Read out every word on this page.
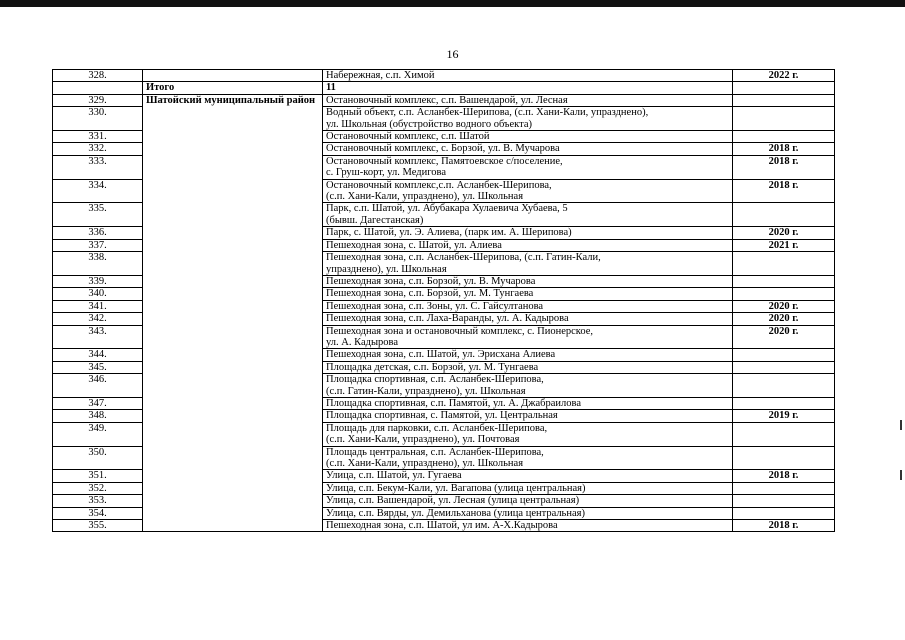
16
328.		Набережная, с.п. Химой	2022 г.
	Итого	11	

329.	Шатойский муниципальный район	Остановочный комплекс, с.п. Вашендарой, ул. Лесная	

330.		Водный объект, с.п. Асланбек-Шерипова, (с.п. Хани-Кали, упразднено),
ул. Школьная (обустройство водного объекта)	

331.		Остановочный комплекс, с.п. Шатой	

332.		Остановочный комплекс, с. Борзой, ул. В. Мучарова	2018 г.
333.		Остановочный комплекс, Памятоевское с/поселение,
с. Груш-корт, ул. Медигова	2018 г.
334.		Остановочный комплекс,с.п. Асланбек-Шерипова,
(с.п. Хани-Кали, упразднено), ул. Школьная	2018 г.
335.		Парк, с.п. Шатой, ул. Абубакара Хулаевича Хубаева, 5
(бывш. Дагестанская)	

336.		Парк, с. Шатой, ул. Э. Алиева, (парк им. А. Шерипова)	2020 г.
337.		Пешеходная зона, с. Шатой, ул. Алиева	2021 г.
338.		Пешеходная зона, с.п. Асланбек-Шерипова, (с.п. Гатин-Кали,
упразднено), ул. Школьная	

339.		Пешеходная зона, с.п. Борзой, ул. В. Мучарова	

340.		Пешеходная зона, с.п. Борзой, ул. М. Тунгаева	

341.		Пешеходная зона, с.п. Зоны, ул. С. Гайсултанова	2020 г.
342.		Пешеходная зона, с.п. Лаха-Варанды, ул. А. Кадырова	2020 г.
343.		Пешеходная зона и остановочный комплекс, с. Пионерское,
ул. А. Кадырова	2020 г.
344.		Пешеходная зона, с.п. Шатой, ул. Эрисхана Алиева	

345.		Площадка детская, с.п. Борзой, ул. М. Тунгаева	

346.		Площадка спортивная, с.п. Асланбек-Шерипова,
(с.п. Гатин-Кали, упразднено), ул. Школьная	

347.		Площадка спортивная, с.п. Памятой, ул. А. Джабраилова	

348.		Площадка спортивная, с. Памятой, ул. Центральная	2019 г.
349.		Площадь для парковки, с.п. Асланбек-Шерипова,
(с.п. Хани-Кали, упразднено), ул. Почтовая	

350.		Площадь центральная, с.п. Асланбек-Шерипова,
(с.п. Хани-Кали, упразднено), ул. Школьная	

351.		Улица, с.п. Шатой, ул. Гугаева	2018 г.
352.		Улица, с.п. Бекум-Кали, ул. Вагапова (улица центральная)	

353.		Улица, с.п. Вашендарой, ул. Лесная (улица центральная)	

354.		Улица, с.п. Вярды, ул. Демильханова (улица центральная)	

355.		Пешеходная зона, с.п. Шатой, ул им. А-Х.Кадырова	2018 г.
